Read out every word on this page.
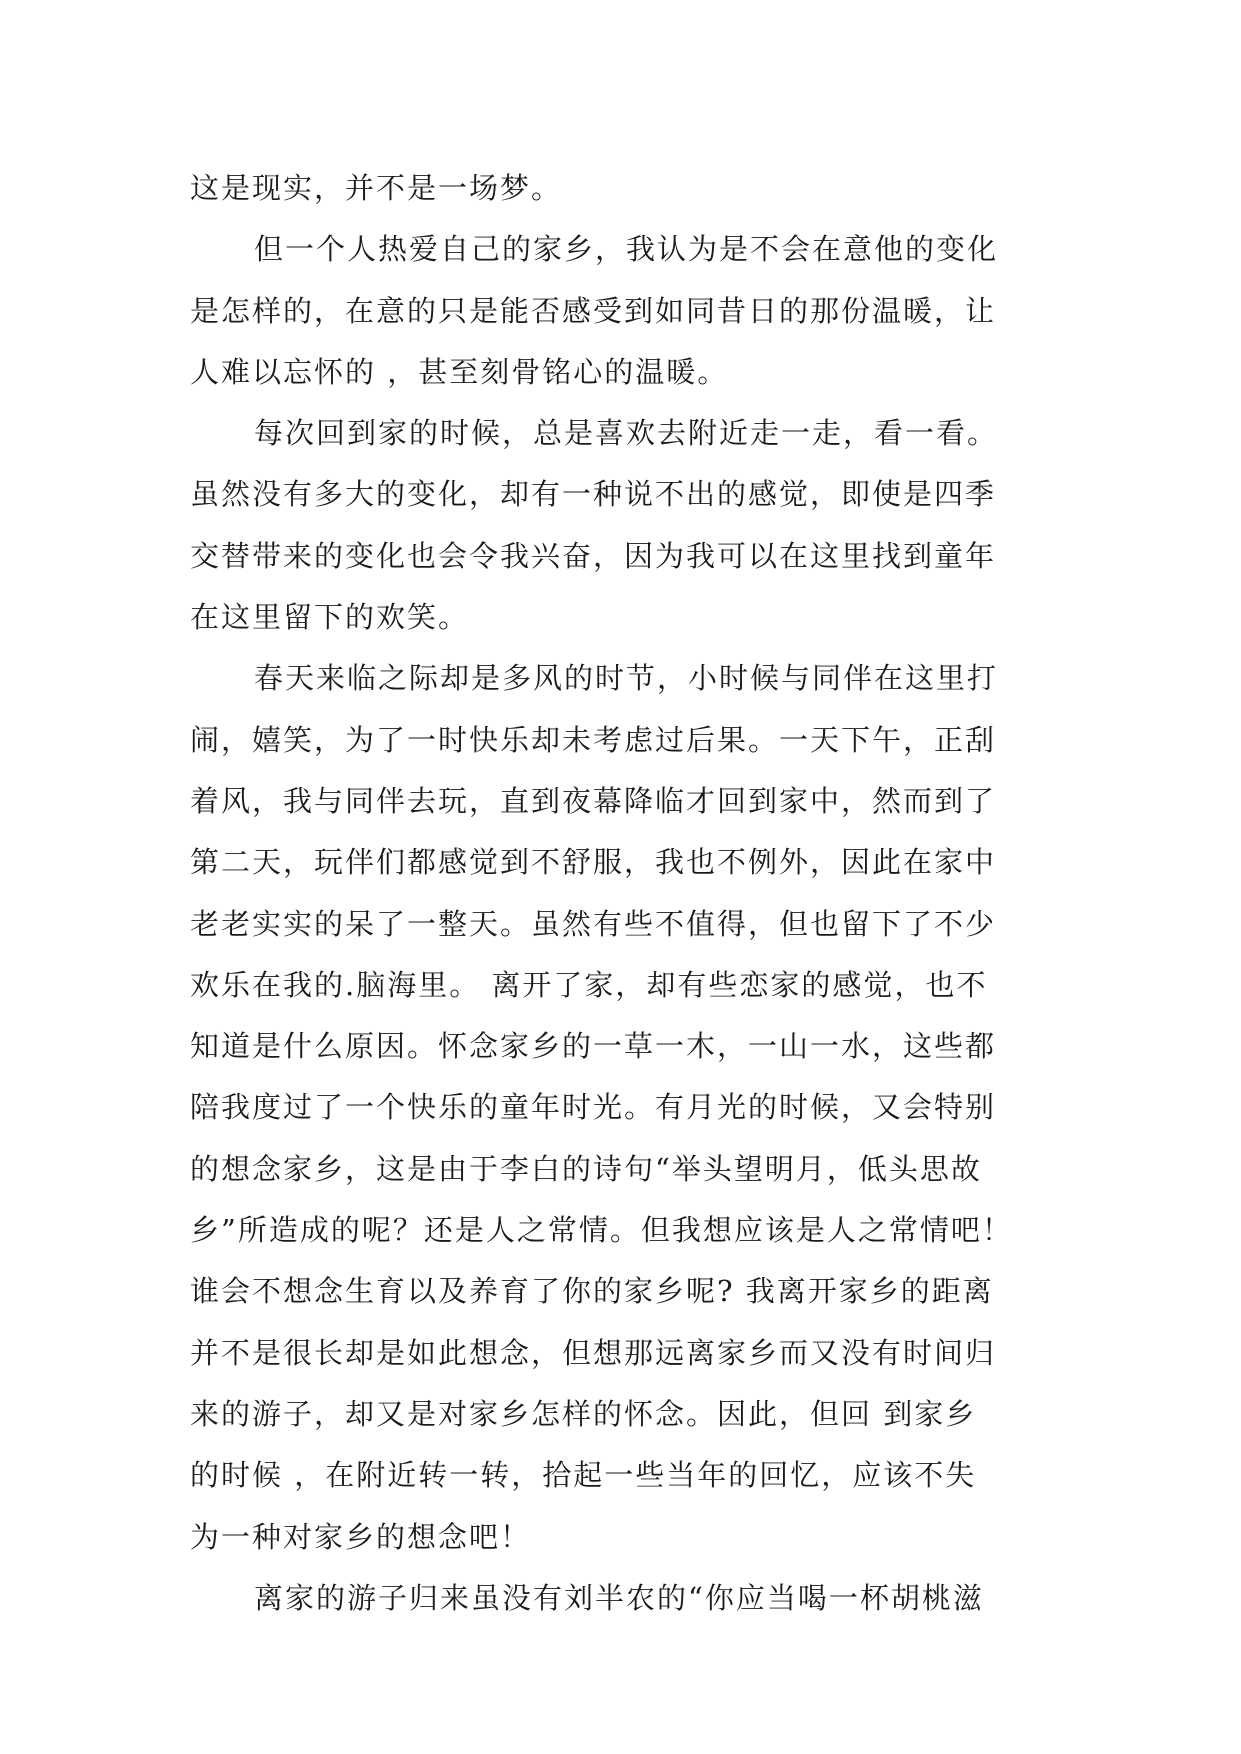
这是现实，并不是一场梦。
但一个人热爱自己的家乡，我认为是不会在意他的变化
是怎样的，在意的只是能否感受到如同昔日的那份温暖，让
人难以忘怀的 ，甚至刻骨铭心的温暖。
每次回到家的时候，总是喜欢去附近走一走，看一看。
虽然没有多大的变化，却有一种说不出的感觉，即使是四季
交替带来的变化也会令我兴奋，因为我可以在这里找到童年
在这里留下的欢笑。
春天来临之际却是多风的时节，小时候与同伴在这里打
闹，嬉笑，为了一时快乐却未考虑过后果。一天下午，正刮
着风，我与同伴去玩，直到夜幕降临才回到家中，然而到了
第二天，玩伴们都感觉到不舒服，我也不例外，因此在家中
老老实实的呆了一整天。虽然有些不值得，但也留下了不少
欢乐在我的.脑海里。 离开了家，却有些恋家的感觉，也不
知道是什么原因。怀念家乡的一草一木，一山一水，这些都
陪我度过了一个快乐的童年时光。有月光的时候，又会特别
的想念家乡，这是由于李白的诗句“举头望明月，低头思故
乡”所造成的呢？还是人之常情。但我想应该是人之常情吧！
谁会不想念生育以及养育了你的家乡呢? 我离开家乡的距离
并不是很长却是如此想念，但想那远离家乡而又没有时间归
来的游子，却又是对家乡怎样的怀念。因此，但回 到家乡
的时候 ，在附近转一转，拾起一些当年的回忆，应该不失
为一种对家乡的想念吧！
离家的游子归来虽没有刘半农的“你应当喝一杯胡桃滋
